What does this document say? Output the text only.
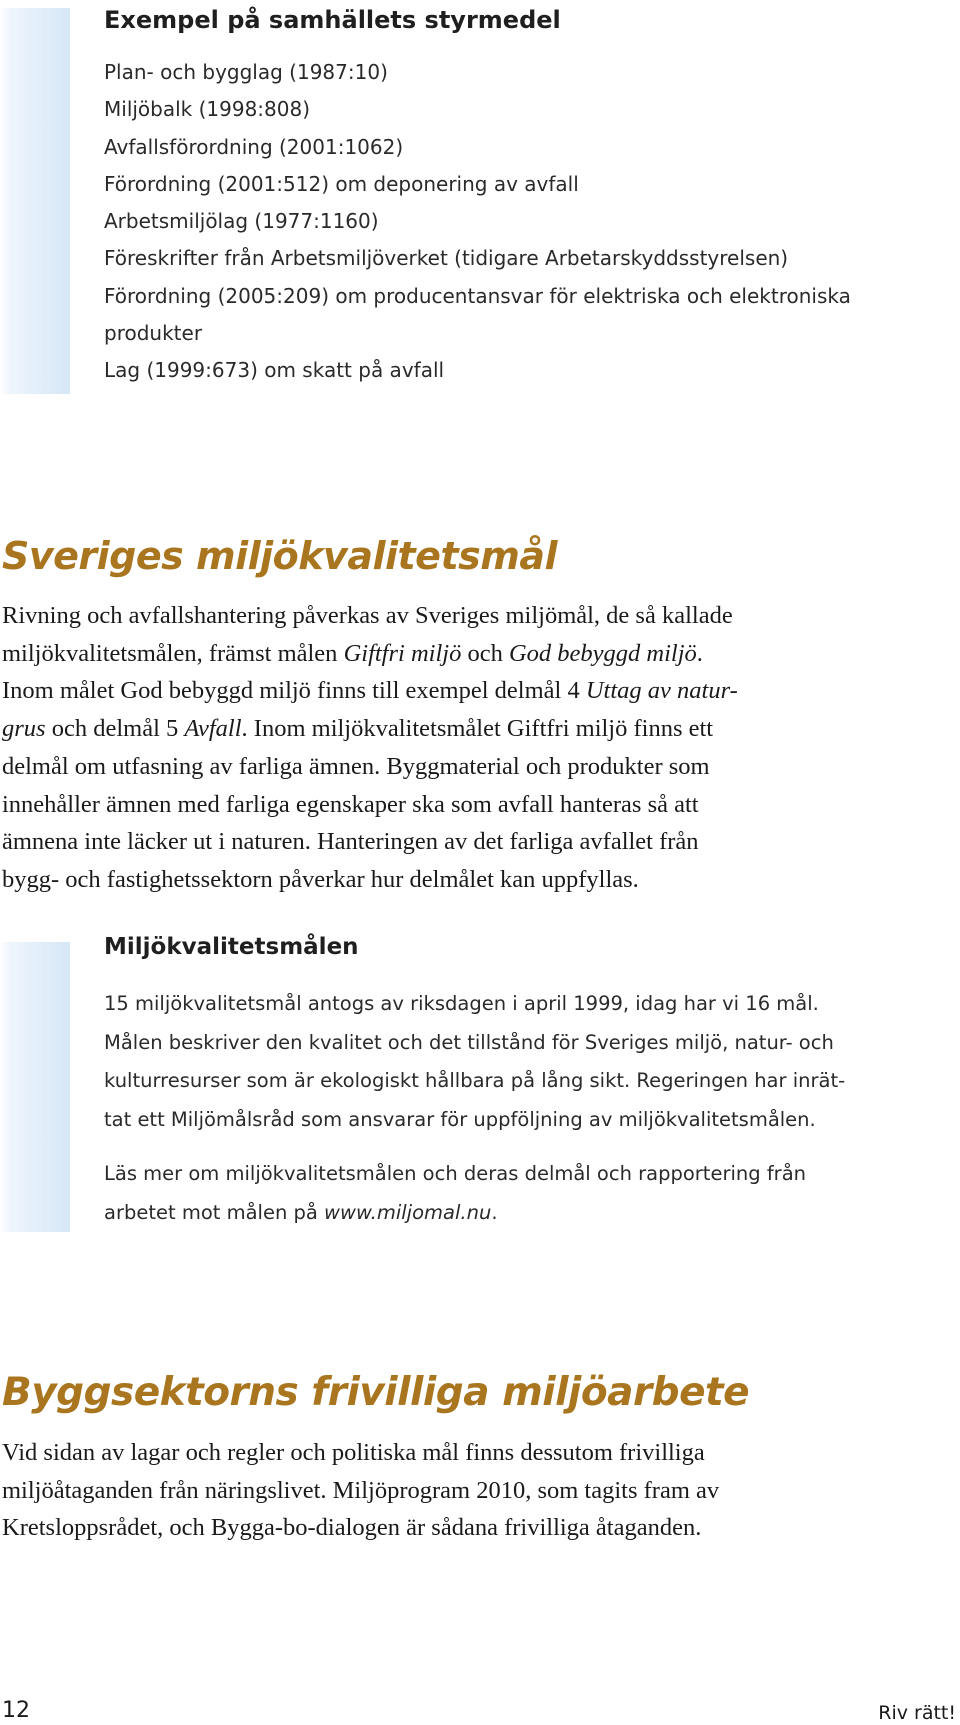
Exempel på samhällets styrmedel
Plan- och bygglag (1987:10)
Miljöbalk (1998:808)
Avfallsförordning (2001:1062)
Förordning (2001:512) om deponering av avfall
Arbetsmiljölag (1977:1160)
Föreskrifter från Arbetsmiljöverket (tidigare Arbetarskyddsstyrelsen)
Förordning (2005:209) om producentansvar för elektriska och elektroniska
produkter
Lag (1999:673) om skatt på avfall
Sveriges miljökvalitetsmål
Rivning och avfallshantering påverkas av Sveriges miljömål, de så kallade
miljökvalitetsmålen, främst målen Giftfri miljö och God bebyggd miljö.
Inom målet God bebyggd miljö finns till exempel delmål 4 Uttag av natur-
grus och delmål 5 Avfall. Inom miljökvalitetsmålet Giftfri miljö finns ett
delmål om utfasning av farliga ämnen. Byggmaterial och produkter som
innehåller ämnen med farliga egenskaper ska som avfall hanteras så att
ämnena inte läcker ut i naturen. Hanteringen av det farliga avfallet från
bygg- och fastighetssektorn påverkar hur delmålet kan uppfyllas.
Miljökvalitetsmålen
15 miljökvalitetsmål antogs av riksdagen i april 1999, idag har vi 16 mål.
Målen beskriver den kvalitet och det tillstånd för Sveriges miljö, natur- och
kulturresurser som är ekologiskt hållbara på lång sikt. Regeringen har inrät-
tat ett Miljömålsråd som ansvarar för uppföljning av miljökvalitetsmålen.
Läs mer om miljökvalitetsmålen och deras delmål och rapportering från
arbetet mot målen på www.miljomal.nu.
Byggsektorns frivilliga miljöarbete
Vid sidan av lagar och regler och politiska mål finns dessutom frivilliga
miljöåtaganden från näringslivet. Miljöprogram 2010, som tagits fram av
Kretsloppsrådet, och Bygga-bo-dialogen är sådana frivilliga åtaganden.
12	Riv rätt!
